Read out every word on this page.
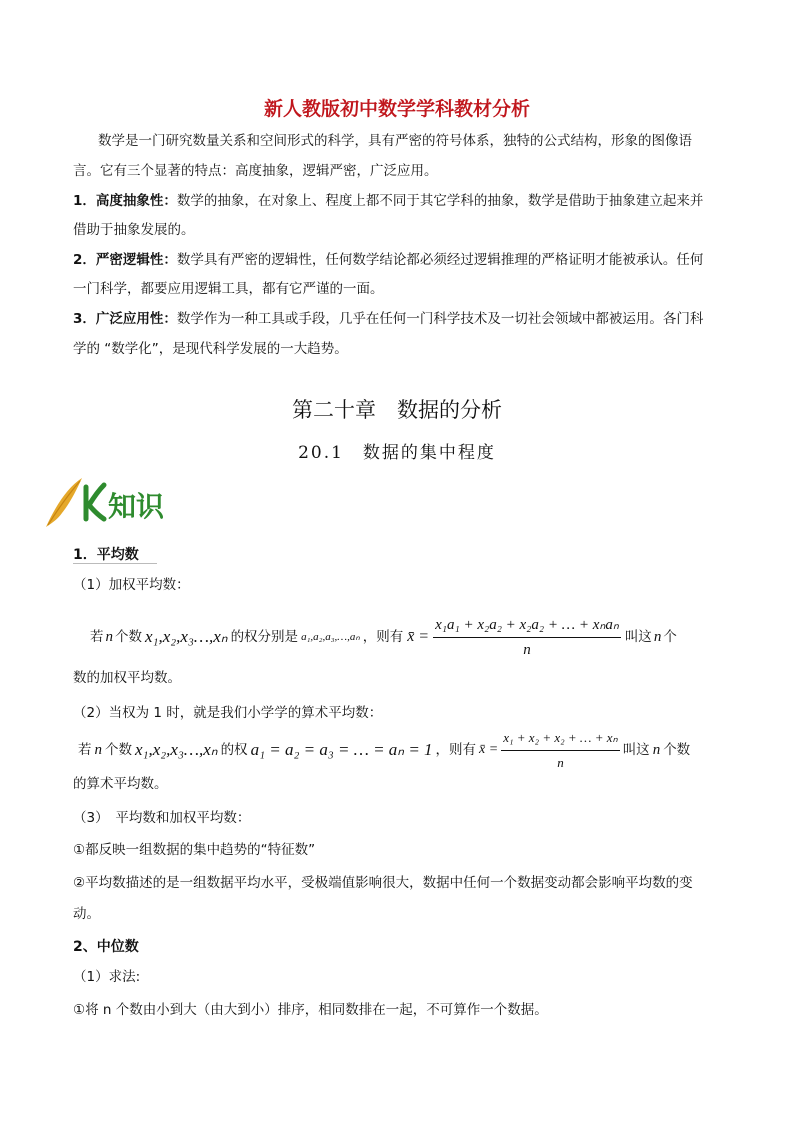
新人教版初中数学学科教材分析
数学是一门研究数量关系和空间形式的科学，具有严密的符号体系，独特的公式结构，形象的图像语
言。它有三个显著的特点：高度抽象，逻辑严密，广泛应用。
1．高度抽象性：数学的抽象，在对象上、程度上都不同于其它学科的抽象，数学是借助于抽象建立起来并
借助于抽象发展的。
2．严密逻辑性：数学具有严密的逻辑性，任何数学结论都必须经过逻辑推理的严格证明才能被承认。任何
一门科学，都要应用逻辑工具，都有它严谨的一面。
3．广泛应用性：数学作为一种工具或手段，几乎在任何一门科学技术及一切社会领域中都被运用。各门科
学的 “数学化”，是现代科学发展的一大趋势。
第二十章　数据的分析
20.1　数据的集中程度
知识
1．平均数
（1）加权平均数：
若 n 个数 x₁,x₂,x₃…,xₙ 的权分别是 a₁,a₂,a₃,…,aₙ ，则有 x̄ = $\frac{\text{x₁a₁ + x₂a₂ + x₂a₂ + … + xₙaₙ}}{n}$ 叫这 n 个
数的加权平均数。
（2）当权为 1 时，就是我们小学学的算术平均数：
若 n 个数 x₁,x₂,x₃…,xₙ 的权 a₁ = a₂ = a₃ = … = aₙ = 1 ，则有 x̄ = $\frac{\text{x₁ + x₂ + x₂ + … + xₙ}}{n}$ 叫这 n 个数
的算术平均数。
（3）　平均数和加权平均数：
①都反映一组数据的集中趋势的“特征数”
②平均数描述的是一组数据平均水平，受极端值影响很大，数据中任何一个数据变动都会影响平均数的变
动。
2、中位数
（1）求法:
①将 n 个数由小到大（由大到小）排序，相同数排在一起，不可算作一个数据。
